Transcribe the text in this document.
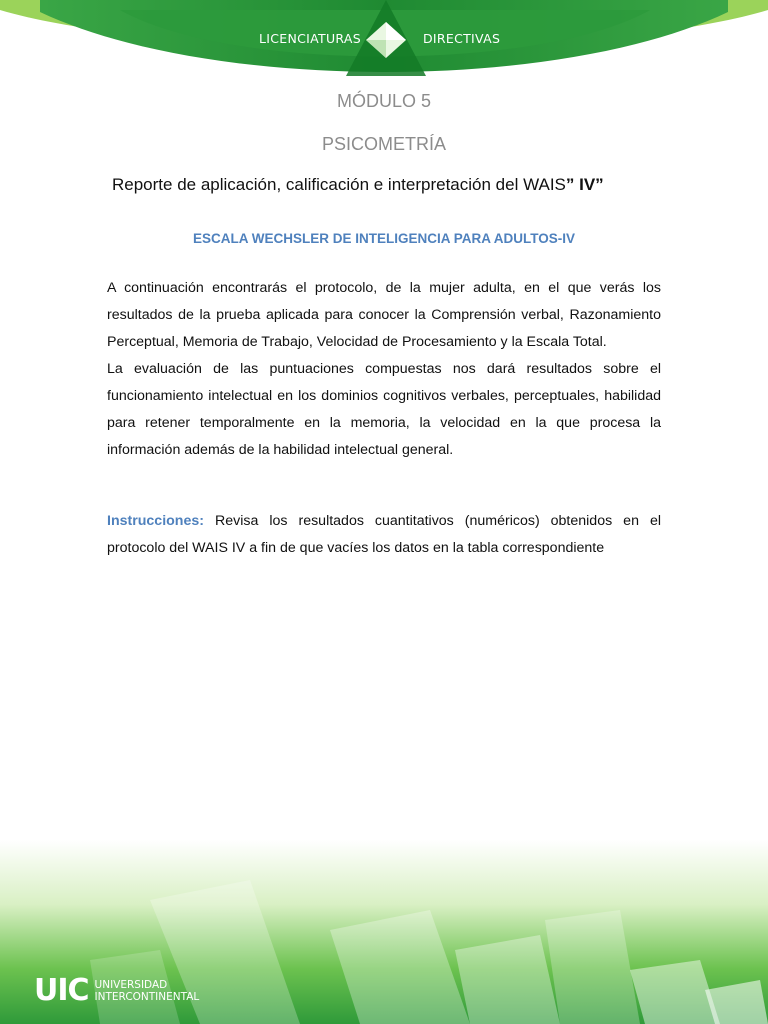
LICENCIATURAS	DIRECTIVAS
MÓDULO 5
PSICOMETRÍA
Reporte de aplicación, calificación e interpretación del WAIS” IV”
ESCALA WECHSLER DE INTELIGENCIA PARA ADULTOS-IV

A continuación encontrarás el protocolo, de la mujer adulta, en el que verás los resultados de la prueba aplicada para conocer la Comprensión verbal, Razonamiento Perceptual, Memoria de Trabajo, Velocidad de Procesamiento y la Escala Total.

La evaluación de las puntuaciones compuestas nos dará resultados sobre el funcionamiento intelectual en los dominios cognitivos verbales, perceptuales, habilidad para retener temporalmente en la memoria, la velocidad en la que procesa la información además de la habilidad intelectual general.

Instrucciones: Revisa los resultados cuantitativos (numéricos) obtenidos en el protocolo del WAIS IV a fin de que vacíes los datos en la tabla correspondiente

UIC UNIVERSIDAD
INTERCONTINENTAL
